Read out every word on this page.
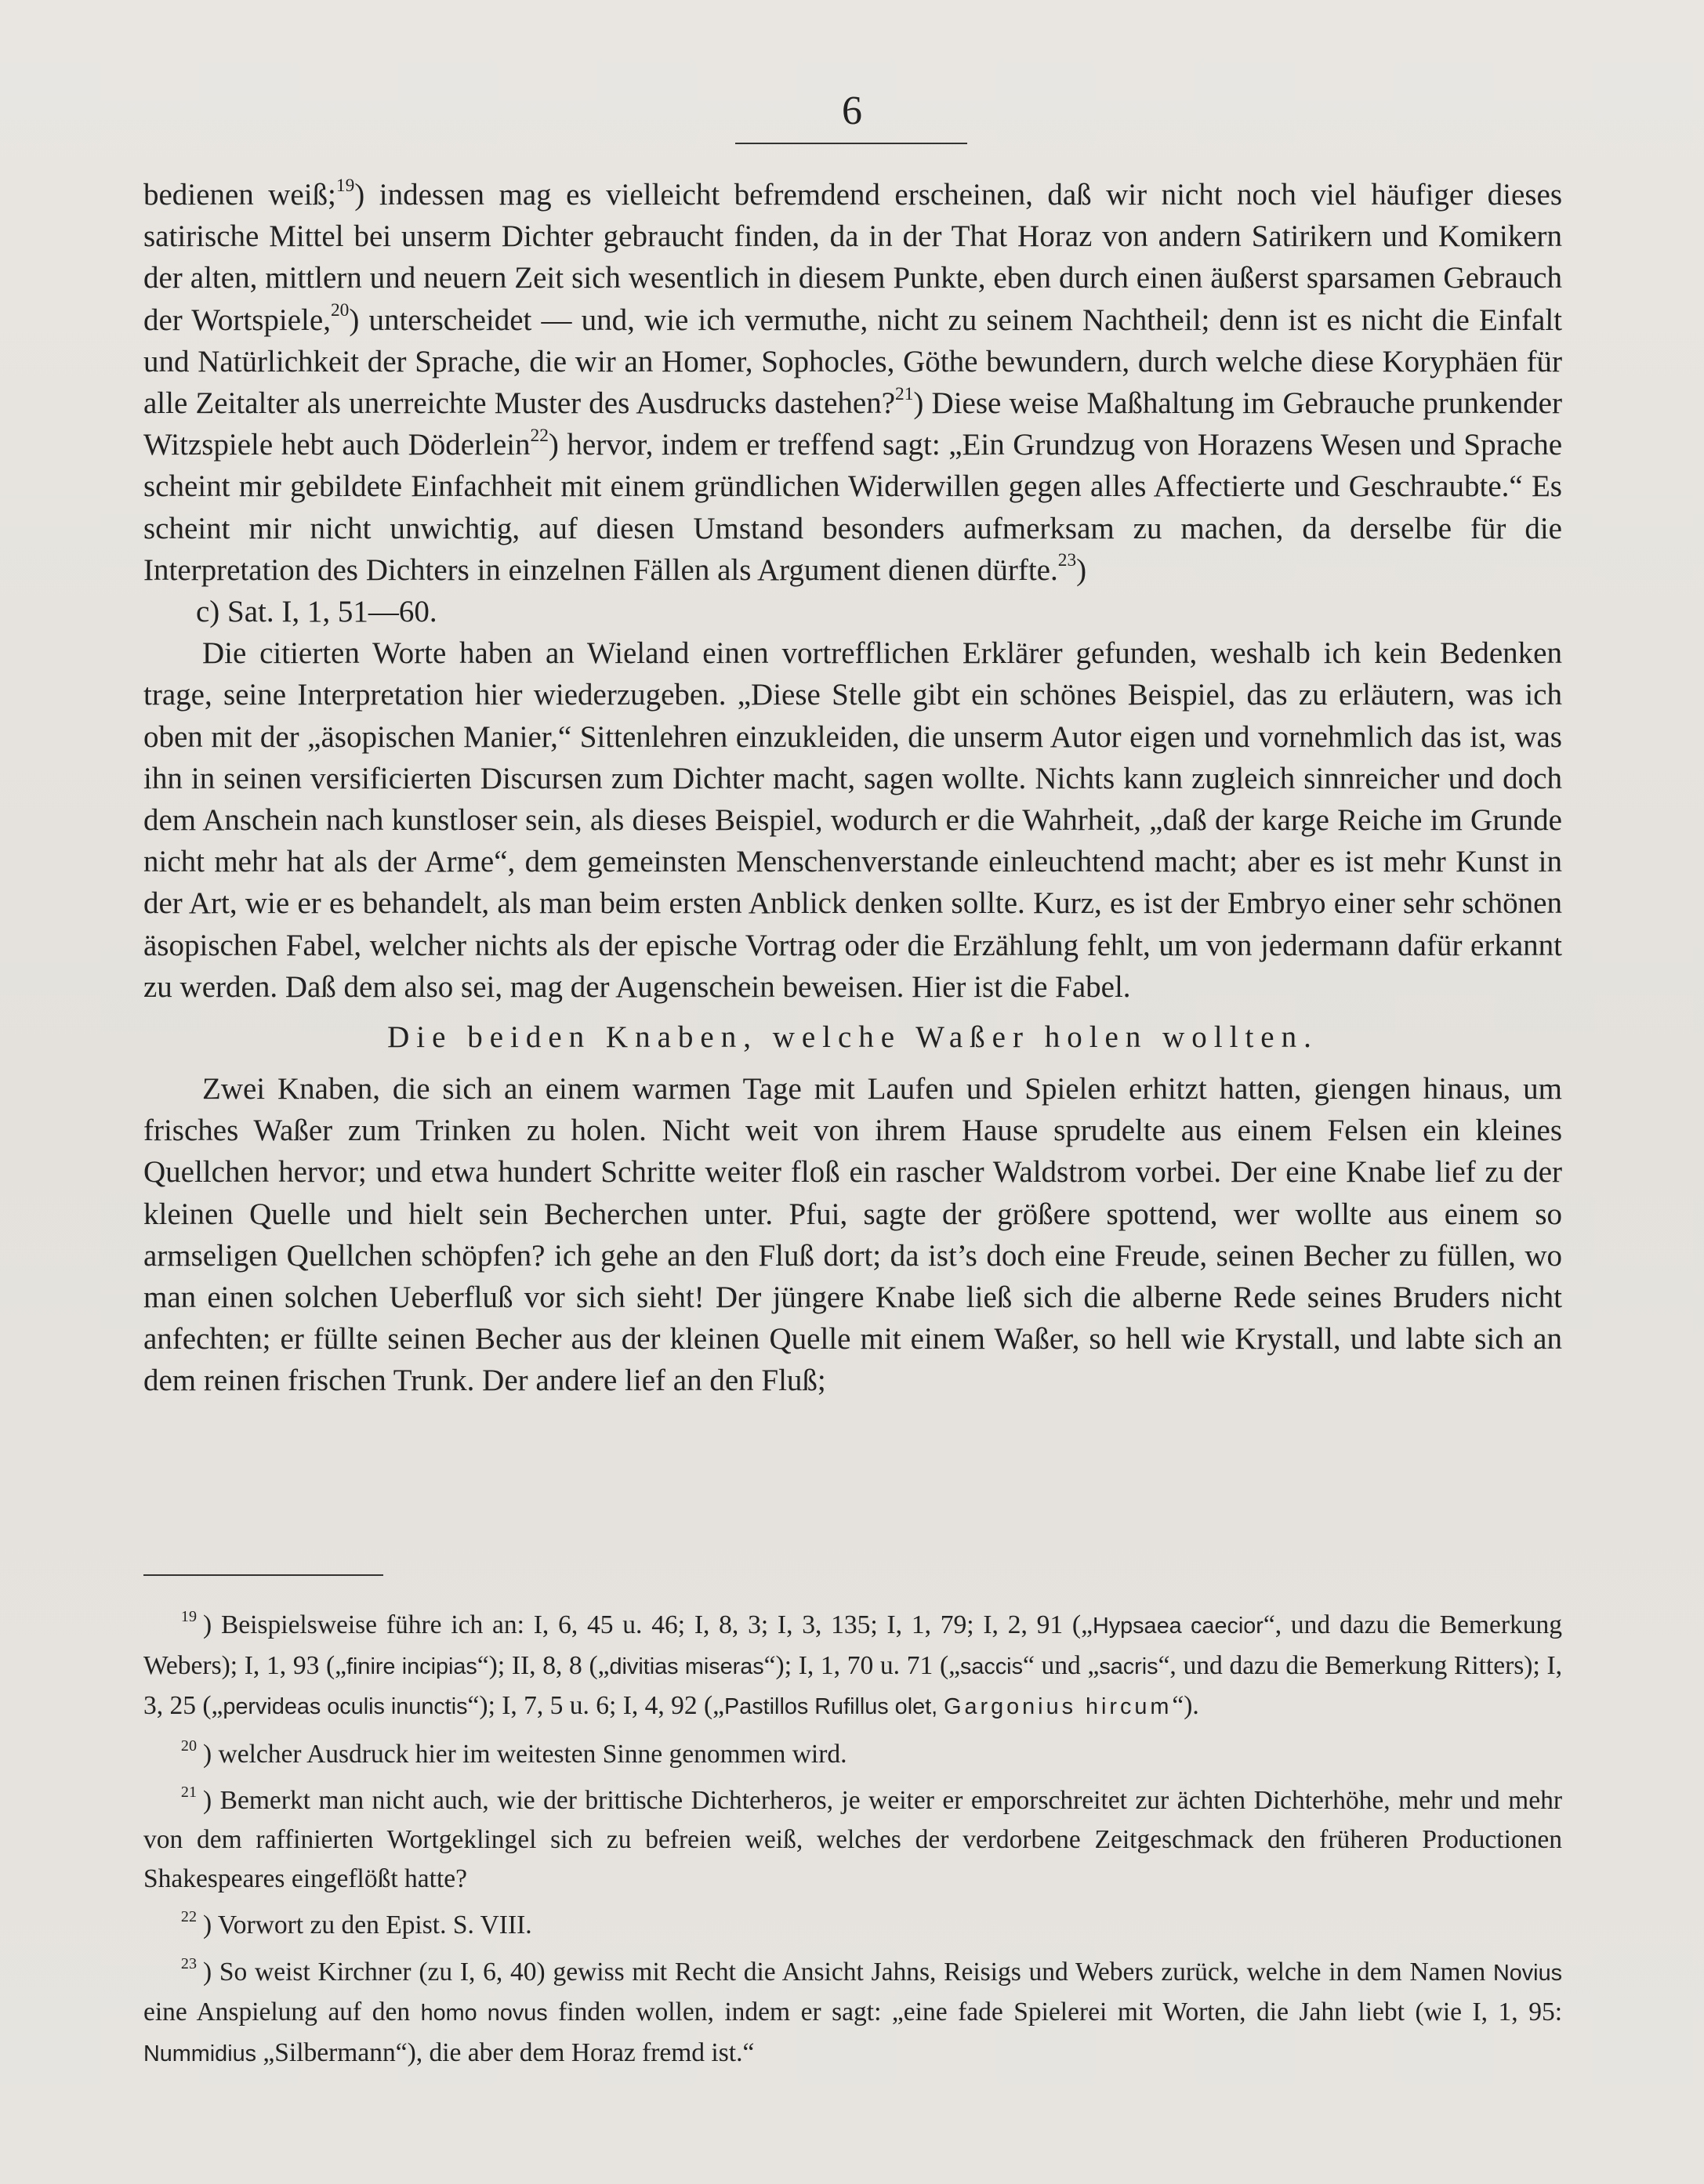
6

bedienen weiß;$^{19}$) indessen mag es vielleicht befremdend erscheinen, daß wir nicht noch viel häufiger dieses satirische Mittel bei unserm Dichter gebraucht finden, da in der That Horaz von andern Satirikern und Komikern der alten, mittlern und neuern Zeit sich wesentlich in diesem Punkte, eben durch einen äußerst sparsamen Gebrauch der Wortspiele,$^{20}$) unterscheidet — und, wie ich vermuthe, nicht zu seinem Nachtheil; denn ist es nicht die Einfalt und Natürlichkeit der Sprache, die wir an Homer, Sophocles, Göthe bewundern, durch welche diese Koryphäen für alle Zeitalter als unerreichte Muster des Ausdrucks dastehen?$^{21}$) Diese weise Maßhaltung im Gebrauche prunkender Witzspiele hebt auch Döderlein$^{22}$) hervor, indem er treffend sagt: „Ein Grundzug von Horazens Wesen und Sprache scheint mir gebildete Einfachheit mit einem gründlichen Widerwillen gegen alles Affectierte und Geschraubte.“ Es scheint mir nicht unwichtig, auf diesen Umstand besonders aufmerksam zu machen, da derselbe für die Interpretation des Dichters in einzelnen Fällen als Argument dienen dürfte.$^{23}$)

c) Sat. I, 1, 51—60.

Die citierten Worte haben an Wieland einen vortrefflichen Erklärer gefunden, weshalb ich kein Bedenken trage, seine Interpretation hier wiederzugeben. „Diese Stelle gibt ein schönes Beispiel, das zu erläutern, was ich oben mit der „äsopischen Manier,“ Sittenlehren einzukleiden, die unserm Autor eigen und vornehmlich das ist, was ihn in seinen versificierten Discursen zum Dichter macht, sagen wollte. Nichts kann zugleich sinnreicher und doch dem Anschein nach kunstloser sein, als dieses Beispiel, wodurch er die Wahrheit, „daß der karge Reiche im Grunde nicht mehr hat als der Arme“, dem gemeinsten Menschenverstande einleuchtend macht; aber es ist mehr Kunst in der Art, wie er es behandelt, als man beim ersten Anblick denken sollte. Kurz, es ist der Embryo einer sehr schönen äsopischen Fabel, welcher nichts als der epische Vortrag oder die Erzählung fehlt, um von jedermann dafür erkannt zu werden. Daß dem also sei, mag der Augenschein beweisen. Hier ist die Fabel.

Die beiden Knaben, welche Waßer holen wollten.

Zwei Knaben, die sich an einem warmen Tage mit Laufen und Spielen erhitzt hatten, giengen hinaus, um frisches Waßer zum Trinken zu holen. Nicht weit von ihrem Hause sprudelte aus einem Felsen ein kleines Quellchen hervor; und etwa hundert Schritte weiter floß ein rascher Waldstrom vorbei. Der eine Knabe lief zu der kleinen Quelle und hielt sein Becherchen unter. Pfui, sagte der größere spottend, wer wollte aus einem so armseligen Quellchen schöpfen? ich gehe an den Fluß dort; da ist’s doch eine Freude, seinen Becher zu füllen, wo man einen solchen Ueberfluß vor sich sieht! Der jüngere Knabe ließ sich die alberne Rede seines Bruders nicht anfechten; er füllte seinen Becher aus der kleinen Quelle mit einem Waßer, so hell wie Krystall, und labte sich an dem reinen frischen Trunk. Der andere lief an den Fluß;

$^{19}$ ) Beispielsweise führe ich an: I, 6, 45 u. 46; I, 8, 3; I, 3, 135; I, 1, 79; I, 2, 91 („Hypsaea caecior“, und dazu die Bemerkung Webers); I, 1, 93 („finire incipias“); II, 8, 8 („divitias miseras“); I, 1, 70 u. 71 („saccis“ und „sacris“, und dazu die Bemerkung Ritters); I, 3, 25 („pervideas oculis inunctis“); I, 7, 5 u. 6; I, 4, 92 („Pastillos Rufillus olet, Gargonius hircum“).

$^{20}$ ) welcher Ausdruck hier im weitesten Sinne genommen wird.

$^{21}$ ) Bemerkt man nicht auch, wie der brittische Dichterheros, je weiter er emporschreitet zur ächten Dichterhöhe, mehr und mehr von dem raffinierten Wortgeklingel sich zu befreien weiß, welches der verdorbene Zeitgeschmack den früheren Productionen Shakespeares eingeflößt hatte?

$^{22}$ ) Vorwort zu den Epist. S. VIII.

$^{23}$ ) So weist Kirchner (zu I, 6, 40) gewiss mit Recht die Ansicht Jahns, Reisigs und Webers zurück, welche in dem Namen Novius eine Anspielung auf den homo novus finden wollen, indem er sagt: „eine fade Spielerei mit Worten, die Jahn liebt (wie I, 1, 95: Nummidius „Silbermann“), die aber dem Horaz fremd ist.“
